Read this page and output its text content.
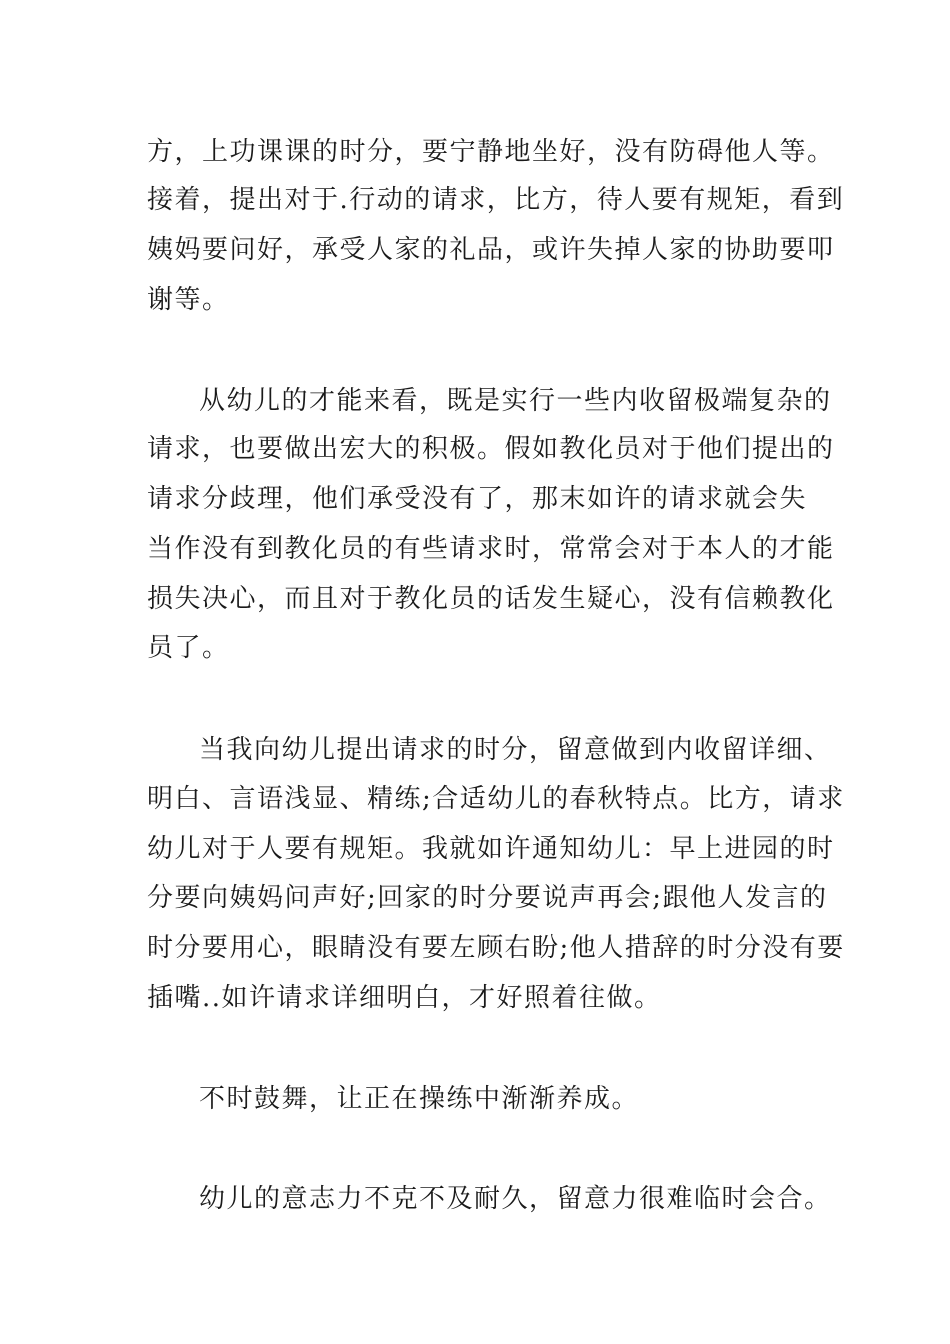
方，上功课课的时分，要宁静地坐好，没有防碍他人等。
接着，提出对于.行动的请求，比方，待人要有规矩，看到
姨妈要问好，承受人家的礼品，或许失掉人家的协助要叩
谢等。
从幼儿的才能来看，既是实行一些内收留极端复杂的
请求，也要做出宏大的积极。假如教化员对于他们提出的
请求分歧理，他们承受没有了，那末如许的请求就会失
当作没有到教化员的有些请求时，常常会对于本人的才能
损失决心，而且对于教化员的话发生疑心，没有信赖教化
员了。
当我向幼儿提出请求的时分，留意做到内收留详细、
明白、言语浅显、精练;合适幼儿的春秋特点。比方，请求
幼儿对于人要有规矩。我就如许通知幼儿：早上进园的时
分要向姨妈问声好;回家的时分要说声再会;跟他人发言的
时分要用心，眼睛没有要左顾右盼;他人措辞的时分没有要
插嘴..如许请求详细明白，才好照着往做。
不时鼓舞，让正在操练中渐渐养成。
幼儿的意志力不克不及耐久，留意力很难临时会合。
